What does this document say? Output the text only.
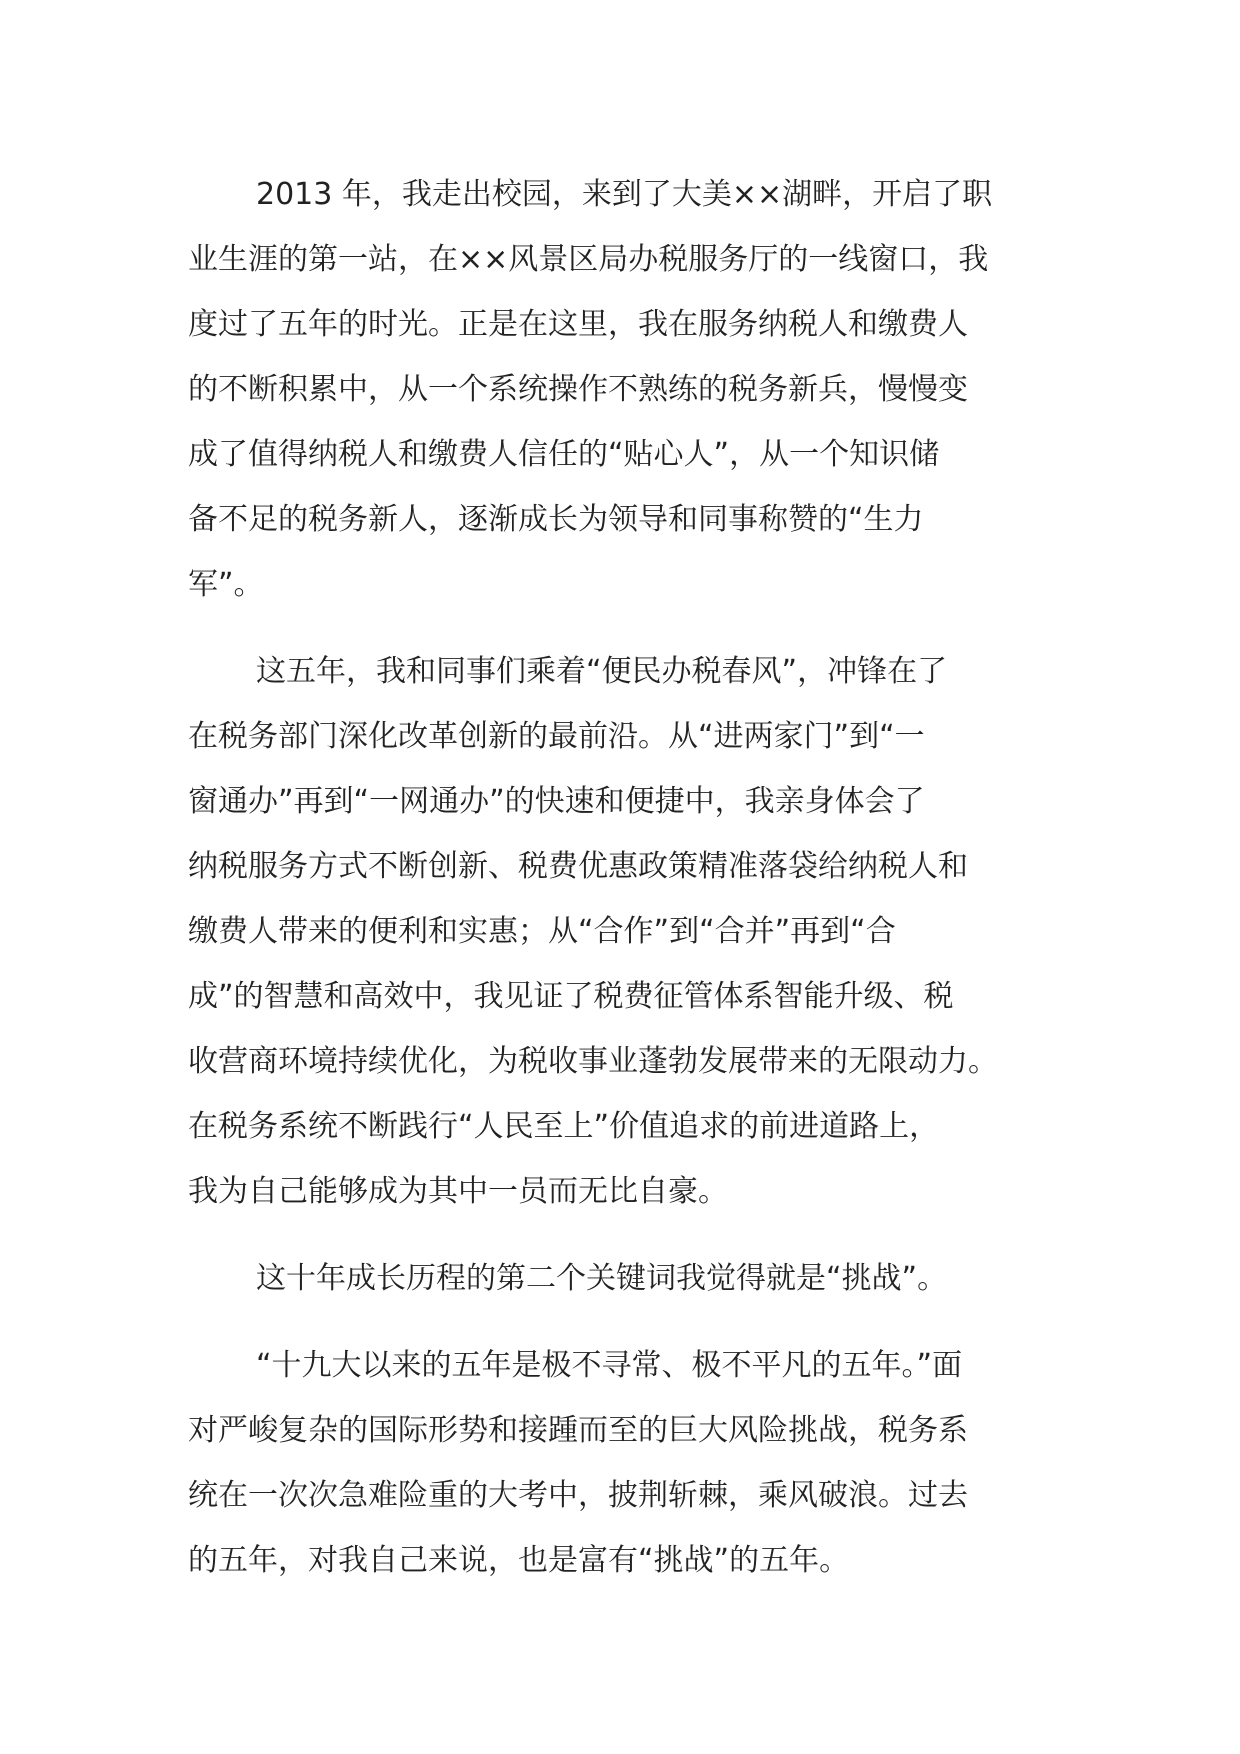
2013 年，我走出校园，来到了大美××湖畔，开启了职
业生涯的第一站，在××风景区局办税服务厅的一线窗口，我
度过了五年的时光。正是在这里，我在服务纳税人和缴费人
的不断积累中，从一个系统操作不熟练的税务新兵，慢慢变
成了值得纳税人和缴费人信任的“贴心人”，从一个知识储
备不足的税务新人，逐渐成长为领导和同事称赞的“生力
军”。

这五年，我和同事们乘着“便民办税春风”，冲锋在了
在税务部门深化改革创新的最前沿。从“进两家门”到“一
窗通办”再到“一网通办”的快速和便捷中，我亲身体会了
纳税服务方式不断创新、税费优惠政策精准落袋给纳税人和
缴费人带来的便利和实惠；从“合作”到“合并”再到“合
成”的智慧和高效中，我见证了税费征管体系智能升级、税
收营商环境持续优化，为税收事业蓬勃发展带来的无限动力。
在税务系统不断践行“人民至上”价值追求的前进道路上，
我为自己能够成为其中一员而无比自豪。

这十年成长历程的第二个关键词我觉得就是“挑战”。

“十九大以来的五年是极不寻常、极不平凡的五年。”面
对严峻复杂的国际形势和接踵而至的巨大风险挑战，税务系
统在一次次急难险重的大考中，披荆斩棘，乘风破浪。过去
的五年，对我自己来说，也是富有“挑战”的五年。
